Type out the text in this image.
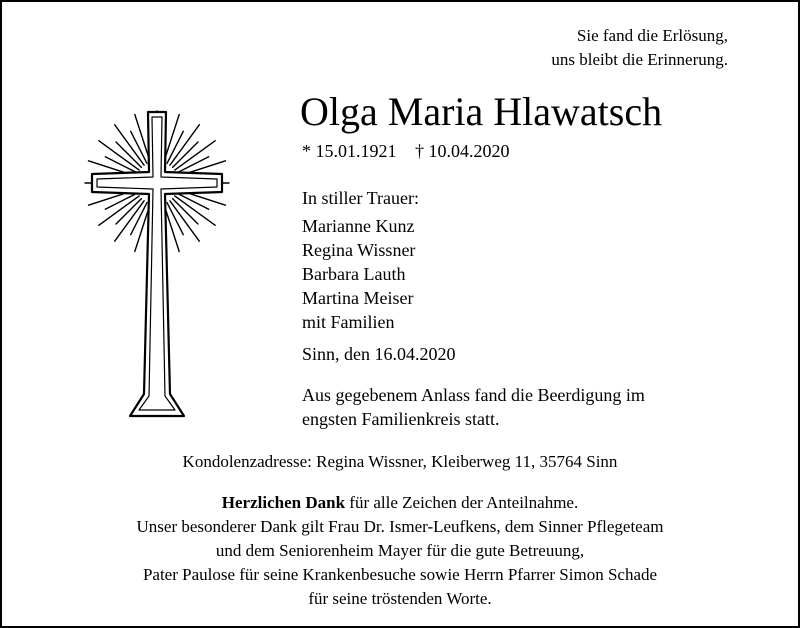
Sie fand die Erlösung,
uns bleibt die Erinnerung.
Olga Maria Hlawatsch
* 15.01.1921 † 10.04.2020
In stiller Trauer:
Marianne Kunz
Regina Wissner
Barbara Lauth
Martina Meiser
mit Familien
Sinn, den 16.04.2020
Aus gegebenem Anlass fand die Beerdigung im
engsten Familienkreis statt.
Kondolenzadresse: Regina Wissner, Kleiberweg 11, 35764 Sinn
Herzlichen Dank für alle Zeichen der Anteilnahme.
Unser besonderer Dank gilt Frau Dr. Ismer-Leufkens, dem Sinner Pflegeteam
und dem Seniorenheim Mayer für die gute Betreuung,
Pater Paulose für seine Krankenbesuche sowie Herrn Pfarrer Simon Schade
für seine tröstenden Worte.
